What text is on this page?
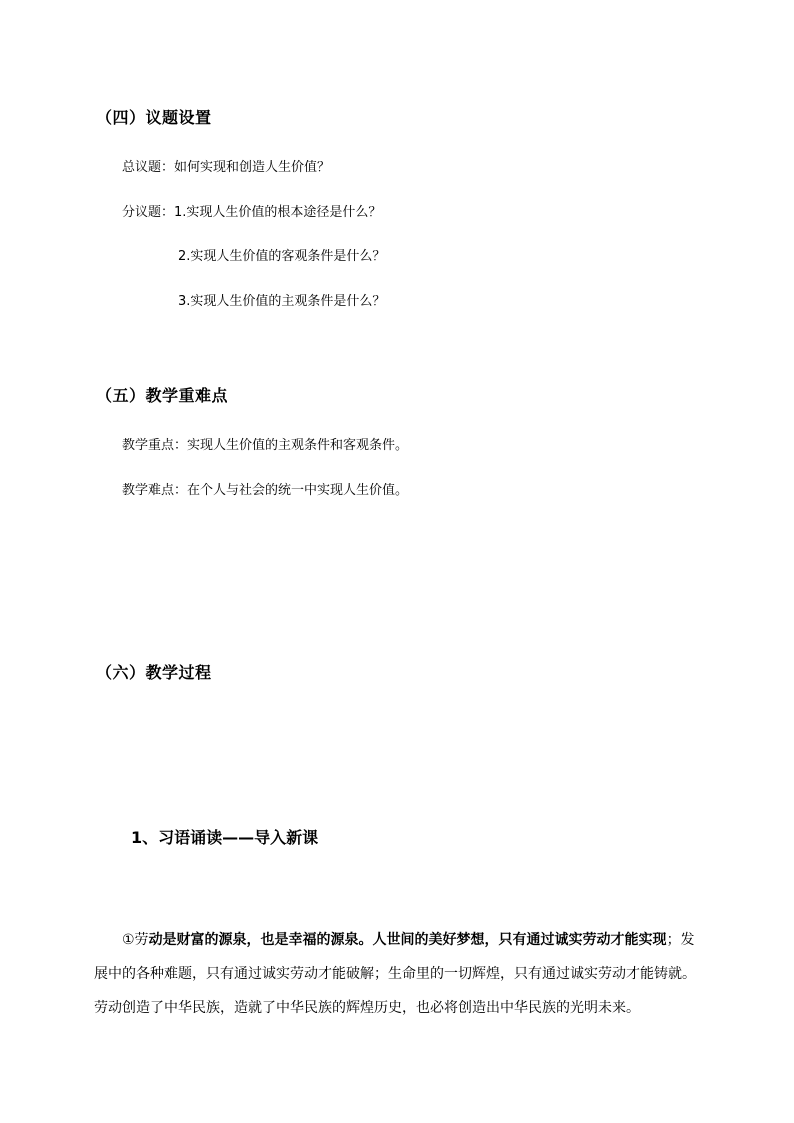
（四）议题设置
总议题：如何实现和创造人生价值？
分议题：1.实现人生价值的根本途径是什么？
2.实现人生价值的客观条件是什么？
3.实现人生价值的主观条件是什么？
（五）教学重难点
教学重点：实现人生价值的主观条件和客观条件。
教学难点：在个人与社会的统一中实现人生价值。
（六）教学过程
1、习语诵读——导入新课

①劳动是财富的源泉，也是幸福的源泉。人世间的美好梦想，只有通过诚实劳动才能实现；发展中的各种难题，只有通过诚实劳动才能破解；生命里的一切辉煌，只有通过诚实劳动才能铸就。劳动创造了中华民族，造就了中华民族的辉煌历史，也必将创造出中华民族的光明未来。
